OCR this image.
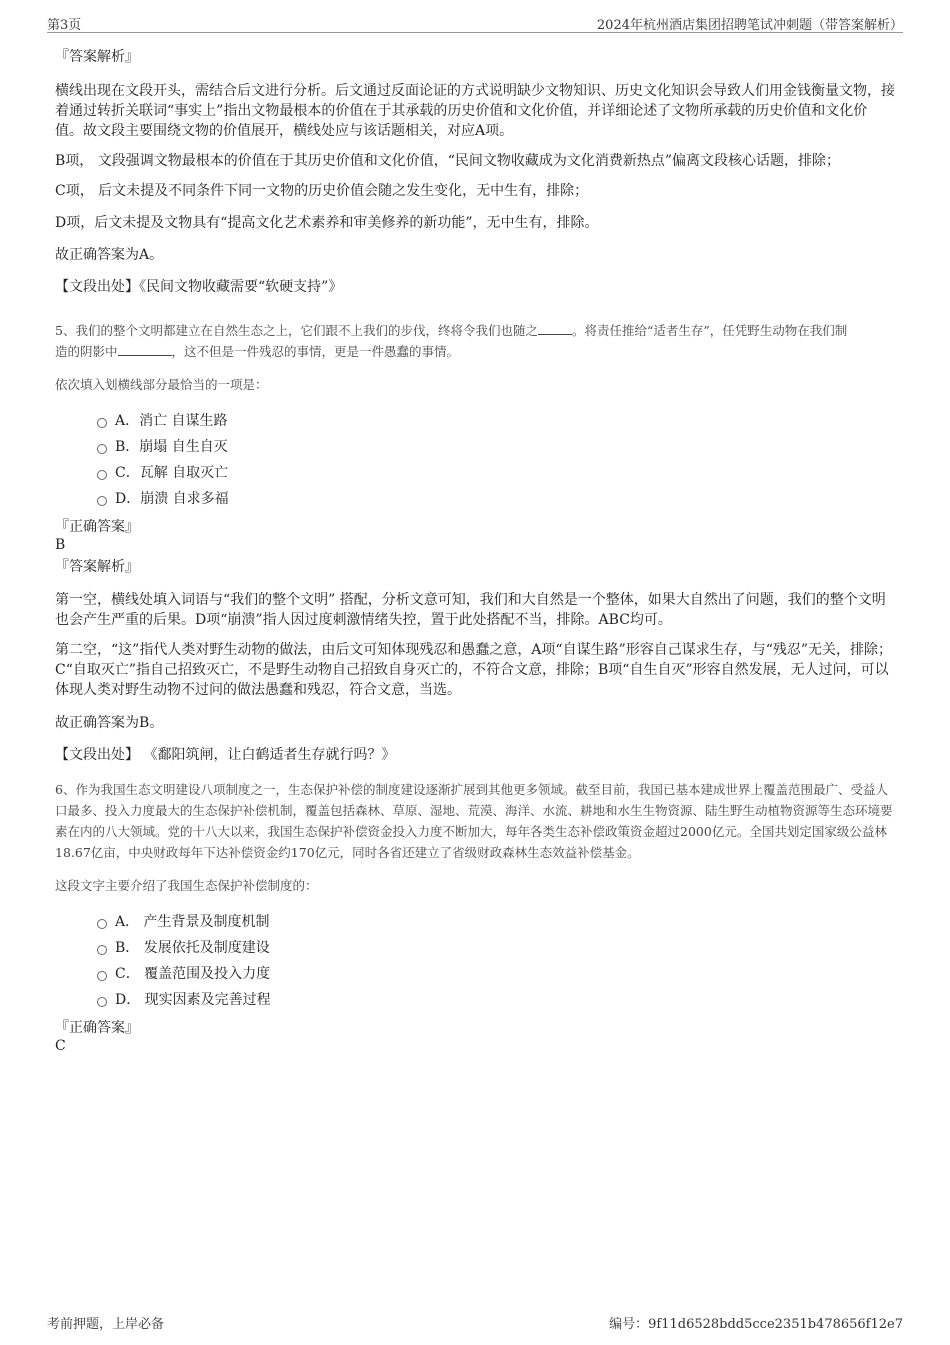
第3页	2024年杭州酒店集团招聘笔试冲刺题（带答案解析）

『答案解析』

横线出现在文段开头，需结合后文进行分析。后文通过反面论证的方式说明缺少文物知识、历史文化知识会导致人们用金钱衡量文物，接着通过转折关联词“事实上”指出文物最根本的价值在于其承载的历史价值和文化价值，并详细论述了文物所承载的历史价值和文化价值。故文段主要围绕文物的价值展开，横线处应与该话题相关，对应A项。

B项， 文段强调文物最根本的价值在于其历史价值和文化价值，“民间文物收藏成为文化消费新热点”偏离文段核心话题，排除；

C项， 后文未提及不同条件下同一文物的历史价值会随之发生变化，无中生有，排除；

D项，后文未提及文物具有“提高文化艺术素养和审美修养的新功能”，无中生有，排除。

故正确答案为A。

【文段出处】《民间文物收藏需要“软硬支持”》

5、我们的整个文明都建立在自然生态之上，它们跟不上我们的步伐，终将令我们也随之	。将责任推给“适者生存”，任凭野生动物在我们制
造的阴影中	，这不但是一件残忍的事情，更是一件愚蠢的事情。

依次填入划横线部分最恰当的一项是：

A．消亡 自谋生路
B．崩塌 自生自灭
C．瓦解 自取灭亡
D．崩溃 自求多福

『正确答案』

B

『答案解析』

第一空，横线处填入词语与“我们的整个文明” 搭配，分析文意可知，我们和大自然是一个整体，如果大自然出了问题，我们的整个文明也会产生严重的后果。D项“崩溃”指人因过度刺激情绪失控，置于此处搭配不当，排除。ABC均可。

第二空，“这”指代人类对野生动物的做法，由后文可知体现残忍和愚蠢之意，A项“自谋生路”形容自己谋求生存，与“残忍”无关，排除；C“自取灭亡”指自己招致灭亡，不是野生动物自己招致自身灭亡的，不符合文意，排除；B项“自生自灭”形容自然发展，无人过问，可以体现人类对野生动物不过问的做法愚蠢和残忍，符合文意，当选。

故正确答案为B。

【文段出处】 《鄱阳筑闸，让白鹤适者生存就行吗？》

6、作为我国生态文明建设八项制度之一，生态保护补偿的制度建设逐渐扩展到其他更多领域。截至目前，我国已基本建成世界上覆盖范围最广、受益人口最多、投入力度最大的生态保护补偿机制，覆盖包括森林、草原、湿地、荒漠、海洋、水流、耕地和水生生物资源、陆生野生动植物资源等生态环境要素在内的八大领域。党的十八大以来，我国生态保护补偿资金投入力度不断加大，每年各类生态补偿政策资金超过2000亿元。全国共划定国家级公益林18.67亿亩，中央财政每年下达补偿资金约170亿元，同时各省还建立了省级财政森林生态效益补偿基金。

这段文字主要介绍了我国生态保护补偿制度的：

A． 产生背景及制度机制
B． 发展依托及制度建设
C． 覆盖范围及投入力度
D． 现实因素及完善过程

『正确答案』

C

考前押题，上岸必备	编号：9f11d6528bdd5cce2351b478656f12e7
